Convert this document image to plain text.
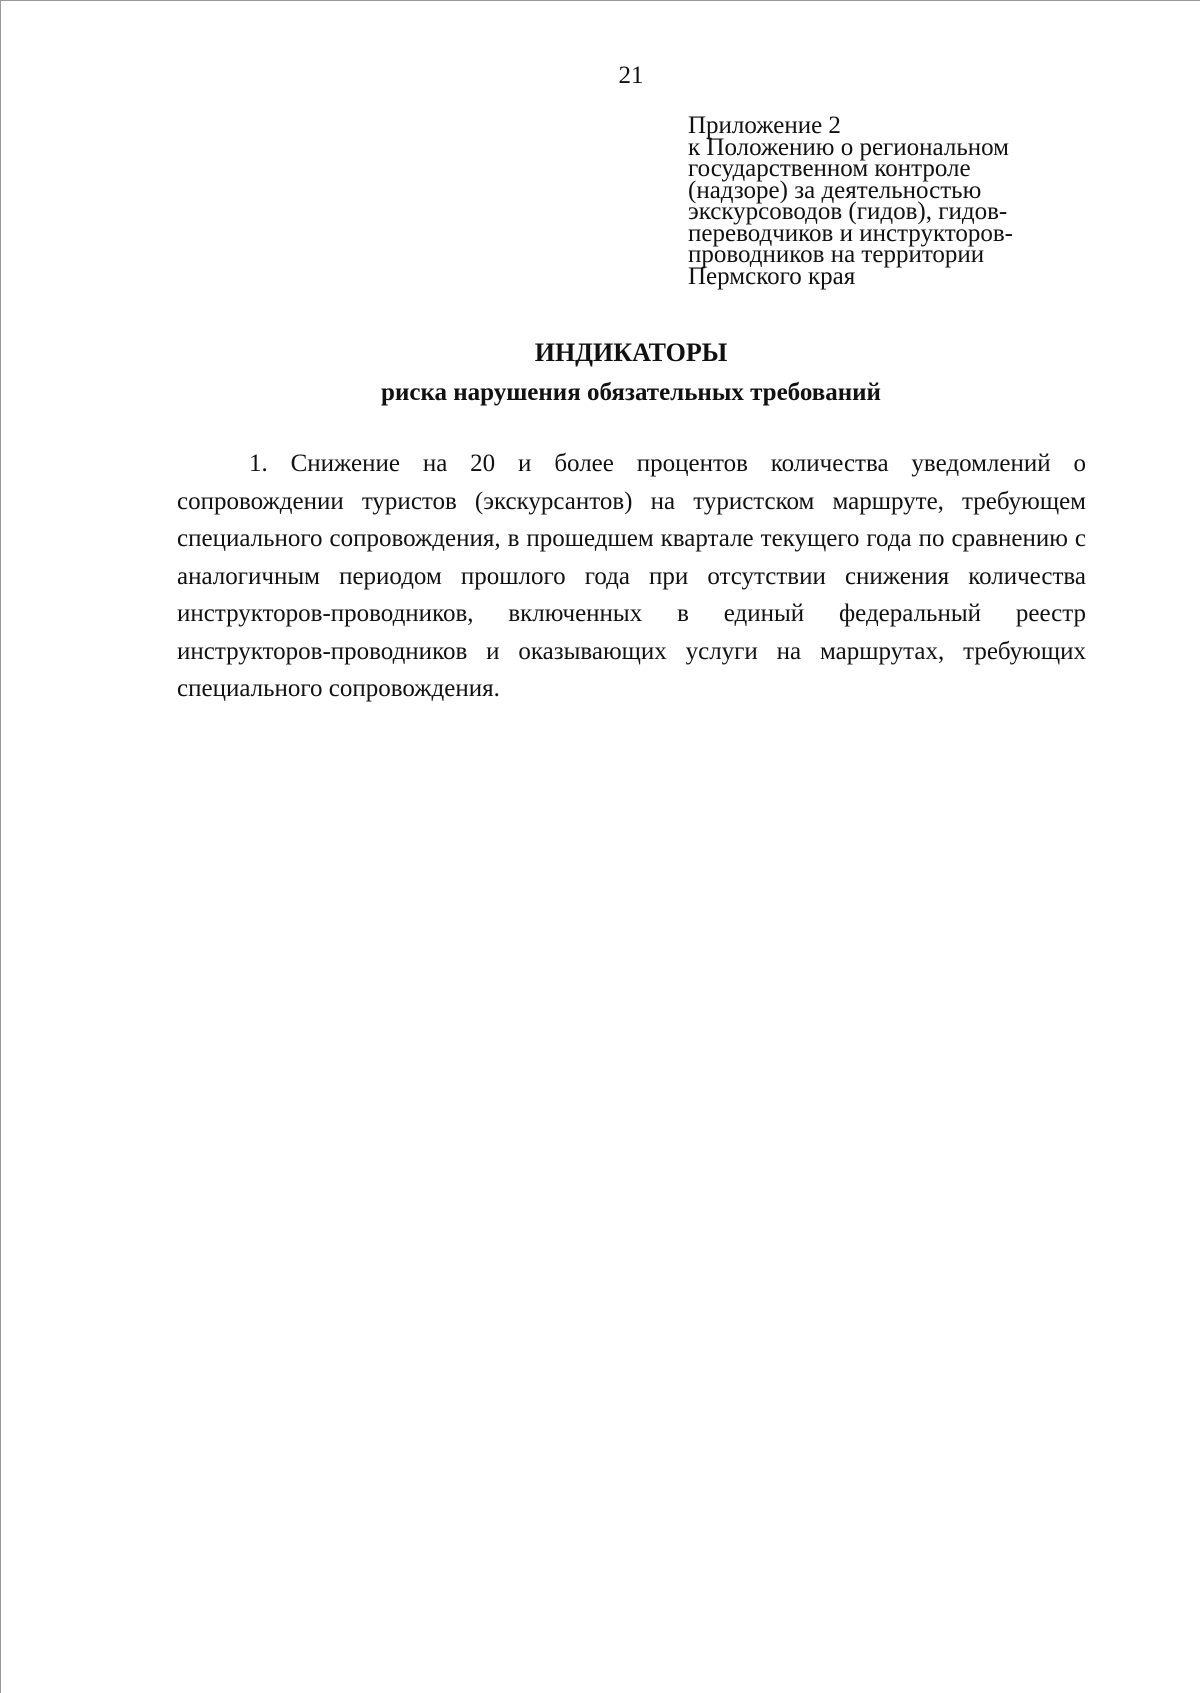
21
Приложение 2
к Положению о региональном
государственном контроле
(надзоре) за деятельностью
экскурсоводов (гидов), гидов-
переводчиков и инструкторов-
проводников на территории
Пермского края
ИНДИКАТОРЫ
риска нарушения обязательных требований

1. Снижение на 20 и более процентов количества уведомлений о сопровождении туристов (экскурсантов) на туристском маршруте, требующем специального сопровождения, в прошедшем квартале текущего года по сравнению с аналогичным периодом прошлого года при отсутствии снижения количества инструкторов-проводников, включенных в единый федеральный реестр инструкторов-проводников и оказывающих услуги на маршрутах, требующих специального сопровождения.
